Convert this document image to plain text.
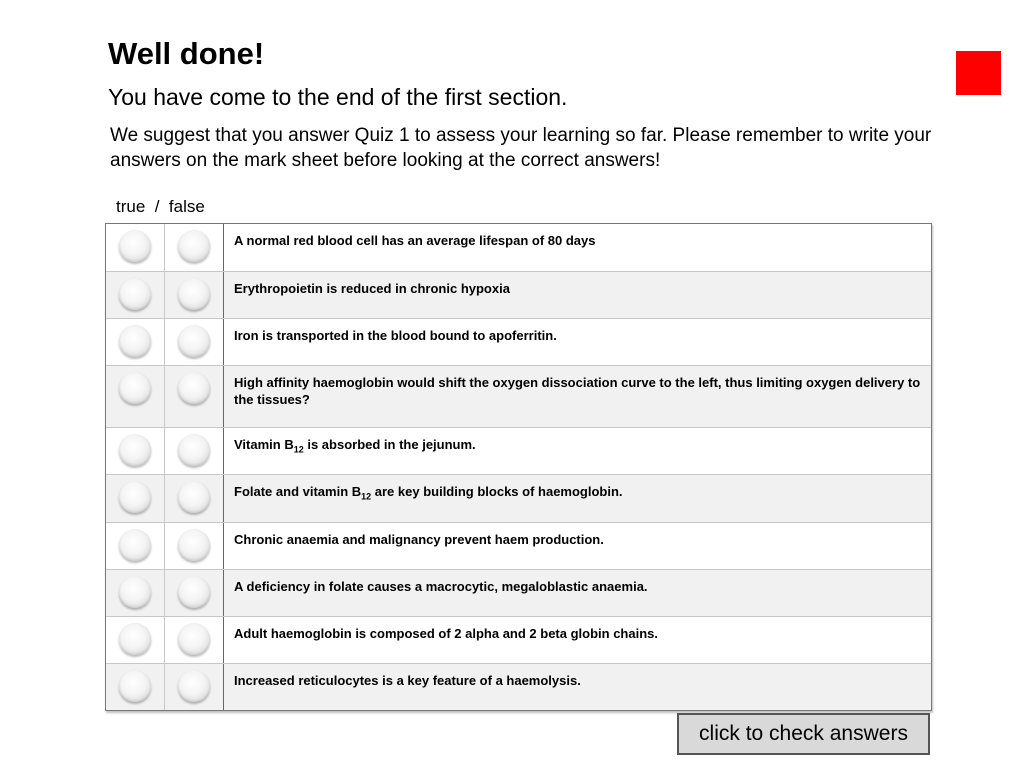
Well done!
You have come to the end of the first section.
We suggest that you answer Quiz 1 to assess your learning so far. Please remember to write your answers on the mark sheet before looking at the correct answers!
true  /  false
A normal red blood cell has an average lifespan of 80 days
Erythropoietin is reduced in chronic hypoxia
Iron is transported in the blood bound to apoferritin.
High affinity haemoglobin would shift the oxygen dissociation curve to the left, thus limiting oxygen delivery to the tissues?
Vitamin $B_{12}$ is absorbed in the jejunum.
Folate and vitamin $B_{12}$ are key building blocks of haemoglobin.
Chronic anaemia and malignancy prevent haem production.
A deficiency in folate causes a macrocytic, megaloblastic anaemia.
Adult haemoglobin is composed of 2 alpha and 2 beta globin chains.
Increased reticulocytes is a key feature of a haemolysis.
click to check answers
